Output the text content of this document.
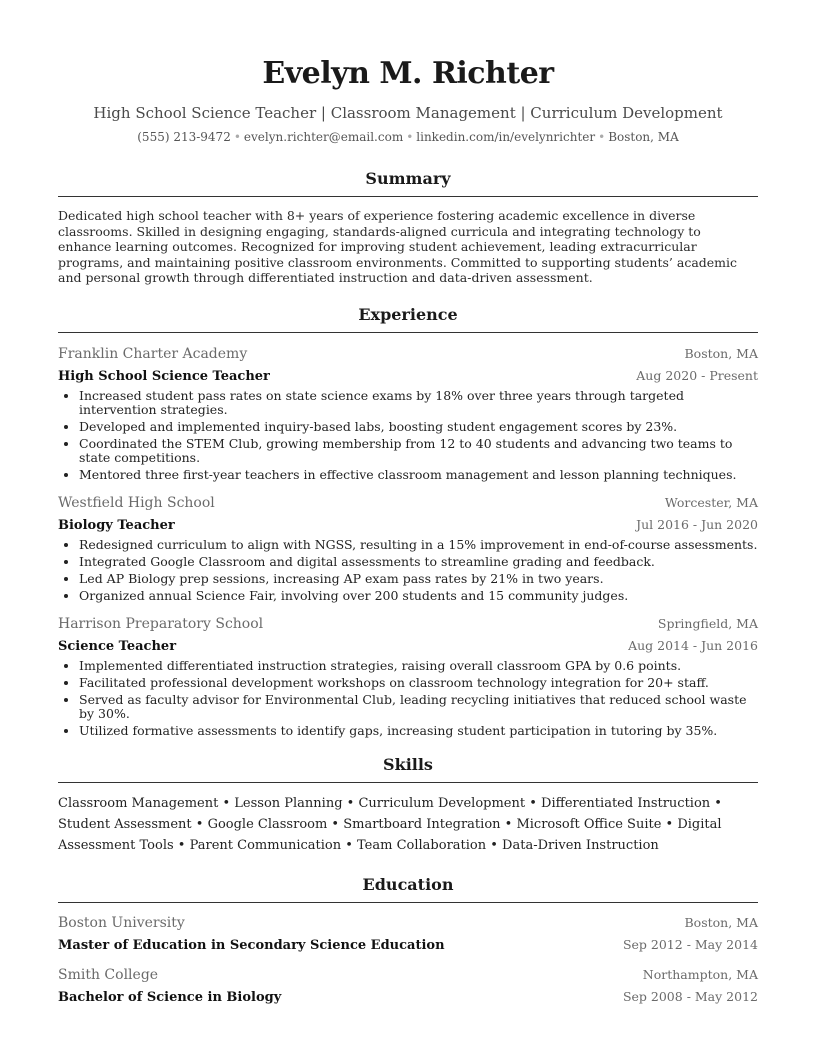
Evelyn M. Richter
High School Science Teacher | Classroom Management | Curriculum Development
(555) 213-9472 • evelyn.richter@email.com • linkedin.com/in/evelynrichter • Boston, MA
Summary
Dedicated high school teacher with 8+ years of experience fostering academic excellence in diverse classrooms. Skilled in designing engaging, standards-aligned curricula and integrating technology to enhance learning outcomes. Recognized for improving student achievement, leading extracurricular programs, and maintaining positive classroom environments. Committed to supporting students’ academic and personal growth through differentiated instruction and data-driven assessment.
Experience
Franklin Charter Academy	Boston, MA
High School Science Teacher	Aug 2020 - Present
• Increased student pass rates on state science exams by 18% over three years through targeted intervention strategies.
• Developed and implemented inquiry-based labs, boosting student engagement scores by 23%.
• Coordinated the STEM Club, growing membership from 12 to 40 students and advancing two teams to state competitions.
• Mentored three first-year teachers in effective classroom management and lesson planning techniques.
Westfield High School	Worcester, MA
Biology Teacher	Jul 2016 - Jun 2020
• Redesigned curriculum to align with NGSS, resulting in a 15% improvement in end-of-course assessments.
• Integrated Google Classroom and digital assessments to streamline grading and feedback.
• Led AP Biology prep sessions, increasing AP exam pass rates by 21% in two years.
• Organized annual Science Fair, involving over 200 students and 15 community judges.
Harrison Preparatory School	Springfield, MA
Science Teacher	Aug 2014 - Jun 2016
• Implemented differentiated instruction strategies, raising overall classroom GPA by 0.6 points.
• Facilitated professional development workshops on classroom technology integration for 20+ staff.
• Served as faculty advisor for Environmental Club, leading recycling initiatives that reduced school waste by 30%.
• Utilized formative assessments to identify gaps, increasing student participation in tutoring by 35%.
Skills
Classroom Management • Lesson Planning • Curriculum Development • Differentiated Instruction • Student Assessment • Google Classroom • Smartboard Integration • Microsoft Office Suite • Digital Assessment Tools • Parent Communication • Team Collaboration • Data-Driven Instruction
Education
Boston University	Boston, MA
Master of Education in Secondary Science Education	Sep 2012 - May 2014
Smith College	Northampton, MA
Bachelor of Science in Biology	Sep 2008 - May 2012
